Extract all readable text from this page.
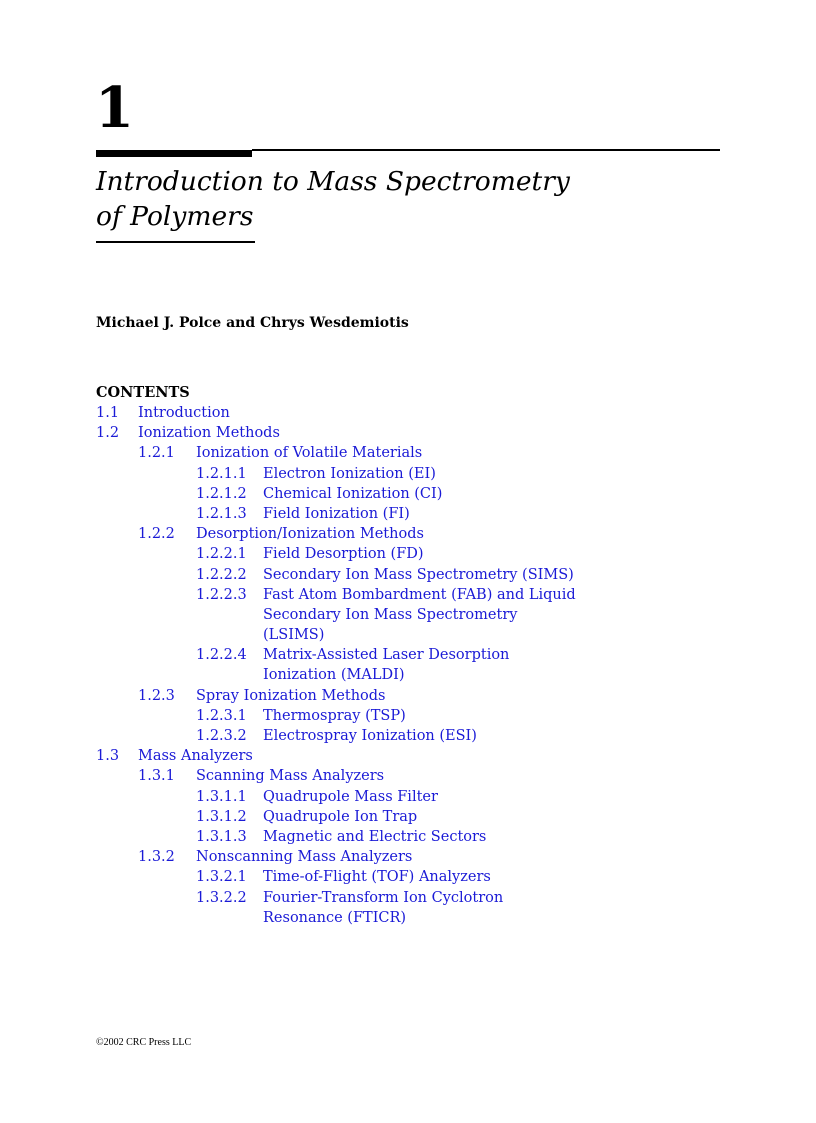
1
Introduction to Mass Spectrometry
of Polymers
Michael J. Polce and Chrys Wesdemiotis
CONTENTS
1.1 Introduction
1.2 Ionization Methods
1.2.1 Ionization of Volatile Materials
1.2.1.1 Electron Ionization (EI)
1.2.1.2 Chemical Ionization (CI)
1.2.1.3 Field Ionization (FI)
1.2.2 Desorption/Ionization Methods
1.2.2.1 Field Desorption (FD)
1.2.2.2 Secondary Ion Mass Spectrometry (SIMS)
1.2.2.3 Fast Atom Bombardment (FAB) and Liquid
Secondary Ion Mass Spectrometry
(LSIMS)
1.2.2.4 Matrix-Assisted Laser Desorption
Ionization (MALDI)
1.2.3 Spray Ionization Methods
1.2.3.1 Thermospray (TSP)
1.2.3.2 Electrospray Ionization (ESI)
1.3 Mass Analyzers
1.3.1 Scanning Mass Analyzers
1.3.1.1 Quadrupole Mass Filter
1.3.1.2 Quadrupole Ion Trap
1.3.1.3 Magnetic and Electric Sectors
1.3.2 Nonscanning Mass Analyzers
1.3.2.1 Time-of-Flight (TOF) Analyzers
1.3.2.2 Fourier-Transform Ion Cyclotron
Resonance (FTICR)
©2002 CRC Press LLC
